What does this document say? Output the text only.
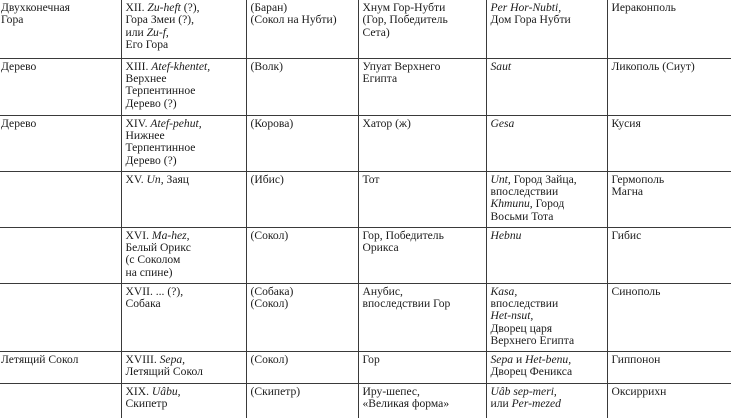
Двухконечная
Гора	XII. Zu-heft (?),
Гора Змеи (?),
или Zu-f,
Его Гора	(Баран)
(Сокол на Нубти)	Хнум Гор-Нубти
(Гор, Победитель
Сета)	Per Hor-Nubti,
Дом Гора Нубти	Иераконполь
Дерево	XIII. Atef-khentet,
Верхнее
Терпентинное
Дерево (?)	(Волк)	Упуат Верхнего
Египта	Saut	Ликополь (Сиут)
Дерево	XIV. Atef-pehut,
Нижнее
Терпентинное
Дерево (?)	(Корова)	Хатор (ж)	Gesa	Кусия
	XV. Un, Заяц	(Ибис)	Тот	Unt, Город Зайца,
впоследствии
Khmunu, Город
Восьми Тота	Гермополь
Магна
	XVI. Ma-hez,
Белый Орикс
(с Соколом
на спине)	(Сокол)	Гор, Победитель
Орикса	Hebnu	Гибис
	XVII. ... (?),
Собака	(Собака)
(Сокол)	Анубис,
впоследствии Гор	Kasa,
впоследствии
Het-nsut,
Дворец царя
Верхнего Египта	Синополь
Летящий Сокол	XVIII. Sepa,
Летящий Сокол	(Сокол)	Гор	Sepa и Het-benu,
Дворец Феникса	Гиппонон
	XIX. Uâbu,
Скипетр	(Скипетр)	Иру-шепес,
«Великая форма»	Uâb sep-meri,
или Per-mezed	Оксиррихн
